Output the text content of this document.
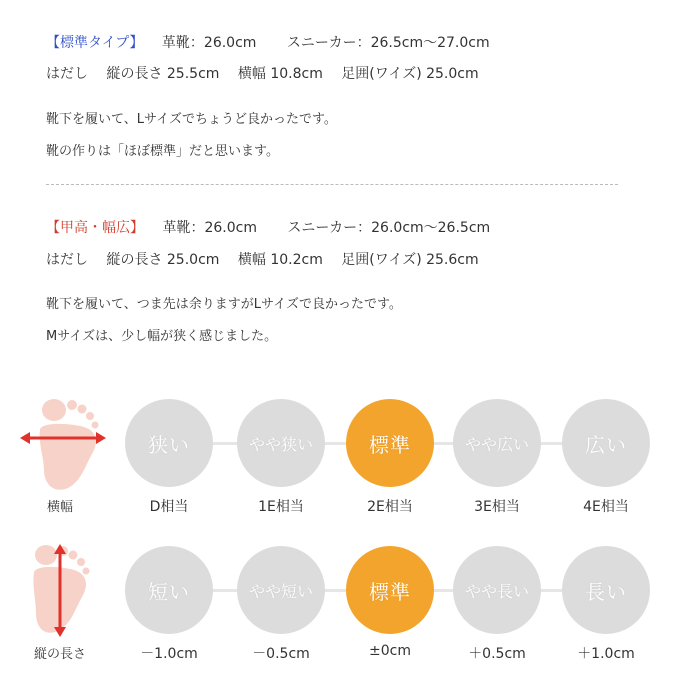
【標準タイプ】 革靴：26.0cm スニーカー：26.5cm～27.0cm
はだし 縦の長さ 25.5cm 横幅 10.8cm 足囲(ワイズ) 25.0cm
靴下を履いて、Lサイズでちょうど良かったです。
靴の作りは「ほぼ標準」だと思います。
【甲高・幅広】 革靴：26.0cm スニーカー：26.0cm～26.5cm
はだし 縦の長さ 25.0cm 横幅 10.2cm 足囲(ワイズ) 25.6cm
靴下を履いて、つま先は余りますがLサイズで良かったです。
Mサイズは、少し幅が狭く感じました。
横幅
狭い	やや狭い	標準	やや広い	広い
D相当	1E相当	2E相当	3E相当	4E相当
縦の長さ
短い	やや短い	標準	やや長い	長い
－1.0cm	－0.5cm	±0cm	＋0.5cm	＋1.0cm
